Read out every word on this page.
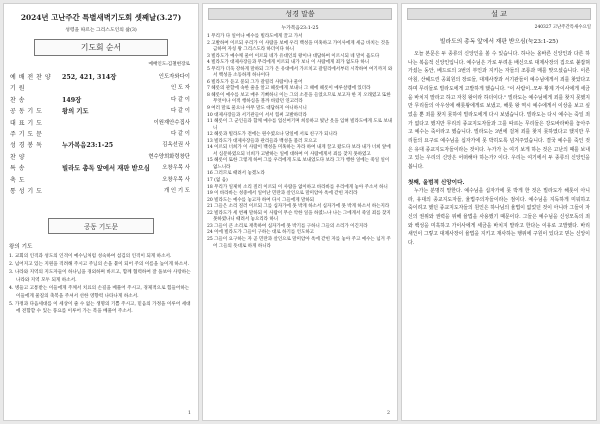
2024년 고난주간 특별새벽기도회 셋째날(3.27)
성령을 따르는 그리스도인의 삶(3)
기도회 순서
예배인도:김철현장로
예 배 전 찬 양 252, 421, 314장	인도자와다이
기 원	인 도 자
찬 송	149장	다 같 이
공 동 기 도	왕의 기도	다 같 이
대 표 기 도	이원재안수집사
주 기 도 문	다 같 이
성 경 봉 독	누가복음23:1-25	김옥선권 사
찬 양	현수양희화령창단
특 송	빌라도 총독 앞에서 재판 받으심 오창우목 사
축 도	오창우목 사
통 성 기 도	개 인 기 도
공동 기도문
왕의 기도
1. 교회의 인격과 성도의 인격이 예수님처럼 성숙하여 섬김의 인격이 되게 하소서.
2. 넘어지고 있는 지원을 격려해 주시고 주님의 손을 붙이 되어 주의 이름을 높이게 하소서.
3. 나라와 지역의 지도자들이 하나님을 경외하며 바르고, 함께 협력하여 잘 돌보아 사랑하는 나라와 지역 모두 되게 하소서.
4. 병들고 고통받는 이들에게 주께서 치료의 손길을 베풀어 주시고, 경제적으로 힘들어하는 이들에게 물질의 축복을 주셔서 선한 영향력 나타나게 하소서.
5. 가정과 다음세대를 이 세상이 줄 수 없는 생명의 기쁨 주시고, 믿음의 가정을 이루어 세대에 전함할 수 있는 풍요를 이루어 가는 복을 베풀어 주소서.
1
성경 말씀
누가복음23:1-25
1 무리가 다 일어나 예수를 빌라도에게 끌고 가서
2 고발하여 이르되 우리가 이 사람을 보매 우리 백성을 미혹하고 가이사에게 세금 바치는 것을 금하며 자칭 왕 그리스도라 하더이다 하니
3 빌라도가 예수께 물어 이르되 네가 유대인의 왕이냐 대답하여 이르시되 네 말이 옳도다
4 빌라도가 대제사장들과 무리에게 이르되 내가 보니 이 사람에게 죄가 없도다 하니
5 무리가 더욱 강하게 말하되 그가 온 유대에서 가르치고 갈릴리에서부터 시작하여 여기까지 와서 백성을 소동하게 하나이다
6 빌라도가 듣고 묻되 그가 갈릴리 사람이냐 물어
7 헤롯의 관할에 속한 줄을 알고 헤롯에게 보내니 그 때에 헤롯이 예루살렘에 있더라
8 헤롯이 예수를 보고 매우 기뻐하니 이는 그의 소문을 들었으므로 보고자 한 지 오래였고 또한 무엇이나 이적 행하심을 볼까 바랐던 연고러라
9 여러 말로 물으나 아무 말도 대답하지 아니하시니
10 대제사장들과 서기관들이 서서 힘써 고발하더라
11 헤롯이 그 군인들과 함께 예수를 업신여기며 희롱하고 빛난 옷을 입혀 빌라도에게 도로 보내니
12 헤롯과 빌라도가 전에는 원수였으나 당일에 서로 친구가 되니라
13 빌라도가 대제사장들과 관리들과 백성을 불러 모으고
14 이르되 너희가 이 사람이 백성을 미혹하는 자라 하여 내게 끌고 왔도다 보라 내가 너희 앞에서 심문하였으되 너희가 고발하는 일에 대하여 이 사람에게서 죄를 찾지 못하였고
15 헤롯이 또한 그렇게 하여 그를 우리에게 도로 보내었도다 보라 그가 행한 일에는 죽일 일이 없느니라
16 그러므로 때려서 놓겠노라
17 (없 음)
18 무리가 일제히 소리 질러 이르되 이 사람을 없이하고 바라바를 우리에게 놓아 주소서 하니
19 이 바라바는 성중에서 일어난 민란과 살인으로 말미암아 옥에 갇힌 자러라
20 빌라도는 예수를 놓고자 하여 다시 그들에게 말하되
21 그들은 소리 질러 이르되 그를 십자가에 못 박게 하소서 십자가에 못 박게 하소서 하는지라
22 빌라도가 세 번째 말하되 이 사람이 무슨 악한 일을 하였느냐 나는 그에게서 죽일 죄를 찾지 못하였나니 때려서 놓으리라 하니
23 그들이 큰 소리로 재촉하여 십자가에 못 박기를 구하니 그들의 소리가 이긴지라
24 이에 빌라도가 그들이 구하는 대로 하기를 언도하고
25 그들이 요구하는 자 곧 민란과 살인으로 말미암아 옥에 갇힌 자를 놓아 주고 예수는 넘겨 주어 그들의 뜻대로 하게 하니라
2
설 교
240327 고난주간특새수요일
빌라도의 총독 앞에서 재판 받으심(눅23:1-25)
오늘 본문은 두 종류의 신앙인을 볼 수 있습니다. 하나는 올바른 신앙인과 다른 하나는 복음적 신앙인입니다. 예수님은 가로 두려운 배신으로 대제사장의 집으로 붙잡혀 가셨는 동안, 베드로의 3번의 부인과 지키는 자들의 조롱과 매를 맞으셨습니다. 이른 아침, 산헤드린 공회원의 장로들, 대제사장과 서기관들이 예수님에게서 죄를 찾았다고 하며 무리들로 빌라도에게 고발하게 했습니다. "이 사람이..모두 황제 가이사에게 세금을 바치지 말라고 하고 자칭 왕이라 하더이다." 빌라도는 예수님에게 죄를 찾지 못했지만 무리들의 아우성에 해롯왕에게로 보냈고, 해롯 왕 역시 예수에게서 이상을 보고 싶었을 뿐 죄를 찾지 못하여 빌라도에게 다시 보냈습니다. 빌라도는 다시 예수는 죽일 죄가 없다고 했지만 무리의 종교지도자들과 그를 따르는 무리들은 강도바라바를 놓아주고 예수는 죽이라고 했습니다. 빌라도는 3번에 걸쳐 죄를 찾지 못하였다고 했지만 무리들의 요구로 예수님을 십자가에 못 박히도록 넘겨주었습니다. 결국 예수를 죽인 것은 유대 종교지도자들이라는 것이다. 누가가 는 여기 보게 하는 것은 고난의 때를 보내고 있는 우리의 신앙은 어떠해야 하는가? 이다. 우리는 여기에서 두 종류의 신앙인을 봅니다.
첫째, 올범적 신앙이다.
누가는 분명히 말한다. 예수님을 십자가에 못 박게 한 것은 빌라도가 해롯이 아니라, 유대의 종교지도자들, 율법주의자들이라는 점이다. 예수님을 지독하게 미워하고 죽이려고 했던 종교지도자들의 원인은 하나님의 율법이 없었던 것이 아니라 그들이 자신의 권위와 권력을 위해 율법을 사용했기 때문이다. 그들은 예수님을 신성모독의 죄와 백성을 미혹하고 가이사에게 세금을 바치지 말라고 한다는 이유로 고발했다. 바리새인이 그렇고 대제사장이 율법을 지키고 재사하는 행위에 구원이 있다고 믿는 신앙이다.
